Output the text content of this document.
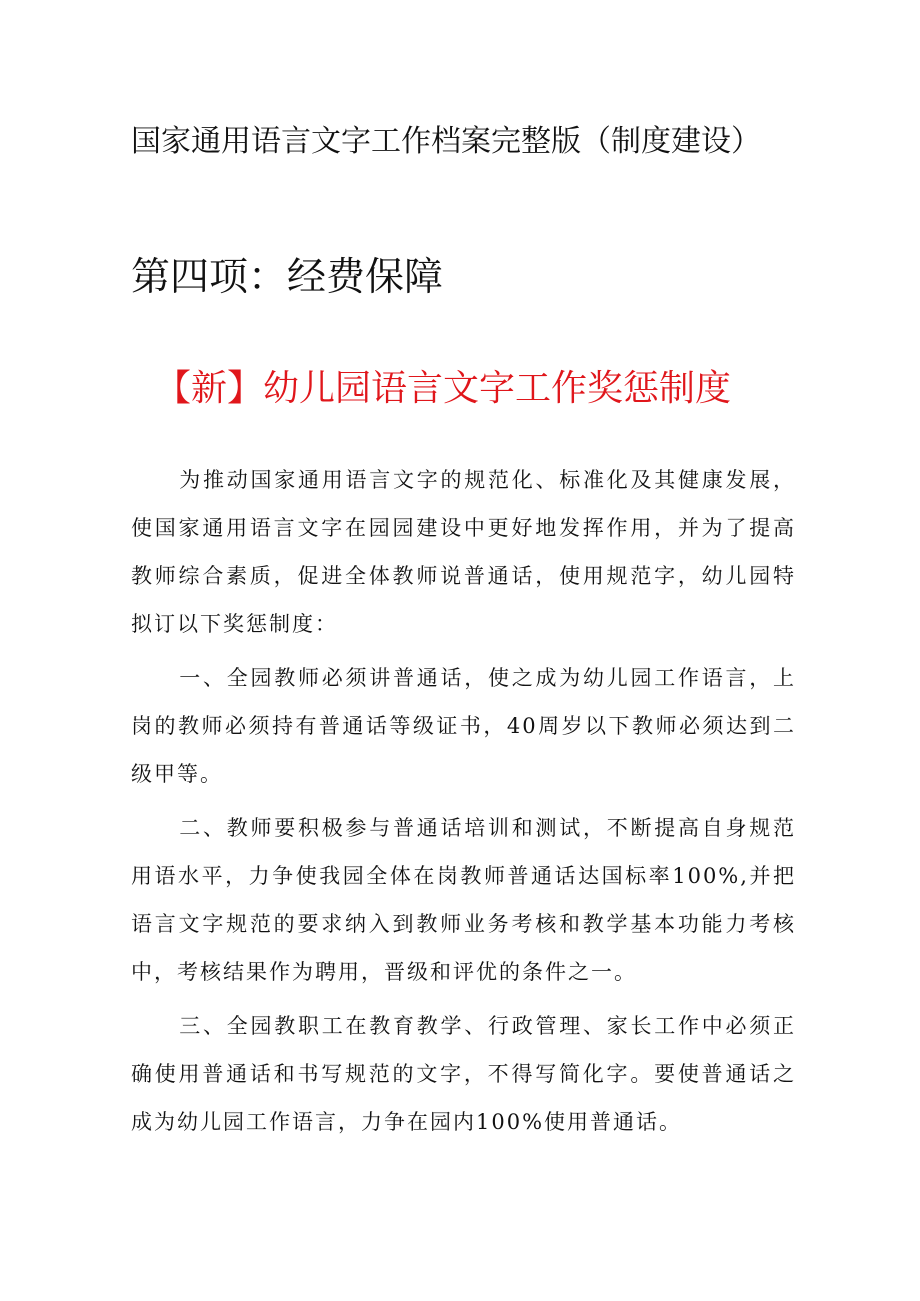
国家通用语言文字工作档案完整版（制度建设）
第四项：经费保障
【新】幼儿园语言文字工作奖惩制度

为推动国家通用语言文字的规范化、标准化及其健康发展，使国家通用语言文字在园园建设中更好地发挥作用，并为了提高教师综合素质，促进全体教师说普通话，使用规范字，幼儿园特拟订以下奖惩制度：

一、全园教师必须讲普通话，使之成为幼儿园工作语言，上岗的教师必须持有普通话等级证书，40周岁以下教师必须达到二级甲等。

二、教师要积极参与普通话培训和测试，不断提高自身规范用语水平，力争使我园全体在岗教师普通话达国标率100%,并把语言文字规范的要求纳入到教师业务考核和教学基本功能力考核中，考核结果作为聘用，晋级和评优的条件之一。

三、全园教职工在教育教学、行政管理、家长工作中必须正确使用普通话和书写规范的文字，不得写简化字。要使普通话之成为幼儿园工作语言，力争在园内100%使用普通话。
